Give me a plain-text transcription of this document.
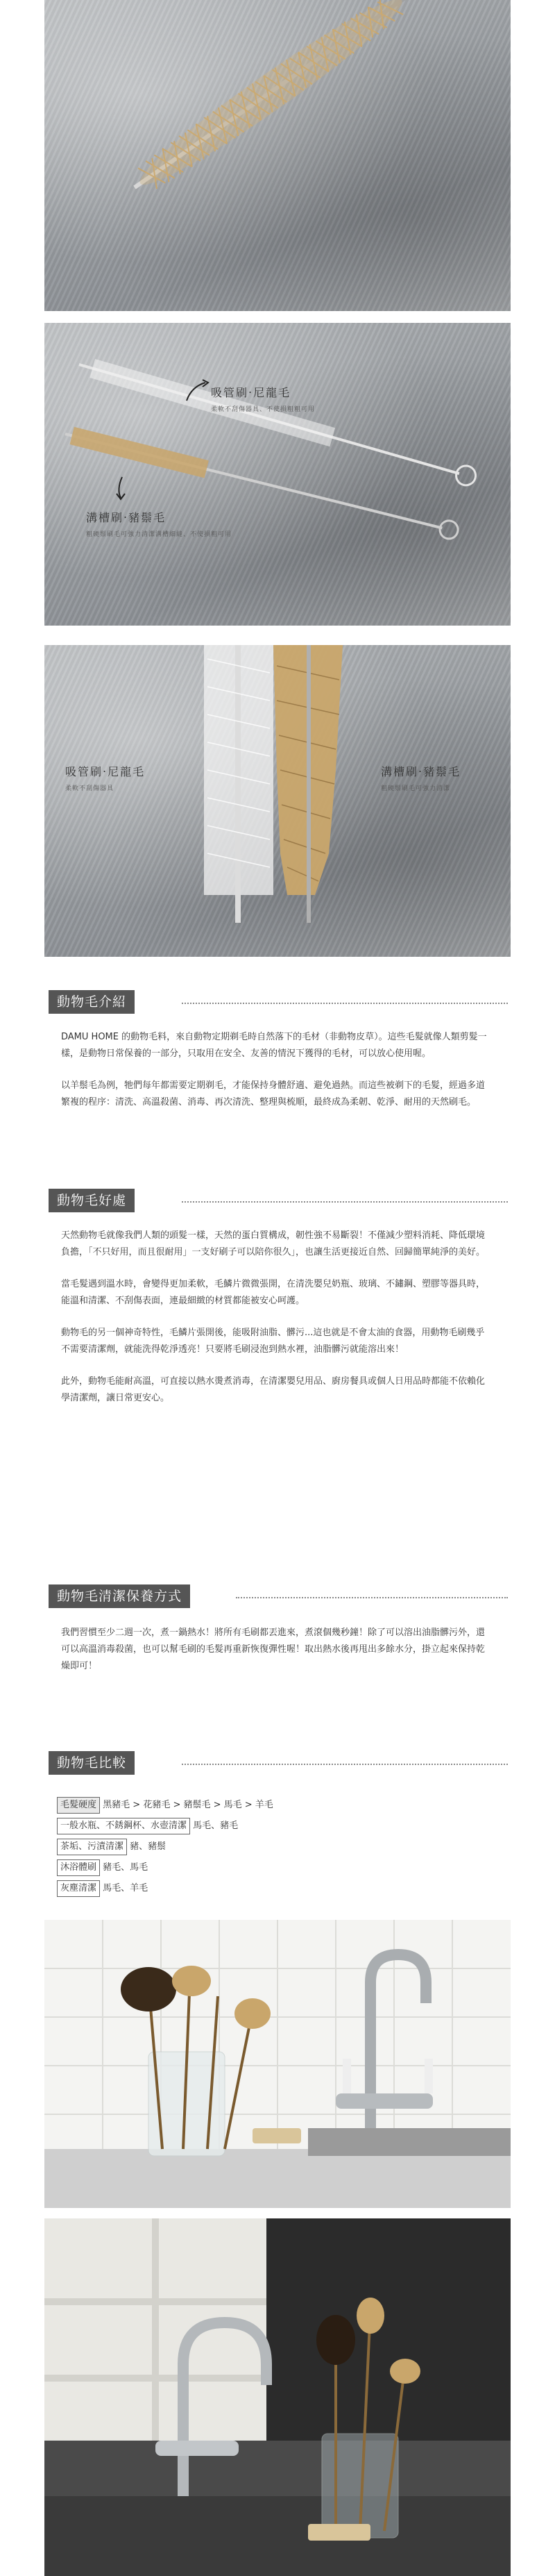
吸管刷‧尼龍毛
柔軟不刮傷器具、不使損粗粗可用
溝槽刷‧豬鬃毛
粗硬鬃刷毛可強力清潔溝槽細縫、不使損粗可用
吸管刷‧尼龍毛
柔軟不刮傷器具
溝槽刷‧豬鬃毛
粗硬鬃刷毛可強力清潔
動物毛介紹

DAMU HOME 的動物毛料，來自動物定期剃毛時自然落下的毛材（非動物皮草）。這些毛髮就像人類剪髮一樣，是動物日常保養的一部分，只取用在安全、友善的情況下獲得的毛材，可以放心使用喔。

以羊鬃毛為例，牠們每年都需要定期剃毛，才能保持身體舒適、避免過熱。而這些被剃下的毛髮，經過多道繁複的程序：清洗、高溫殺菌、消毒、再次清洗、整理與梳順，最終成為柔韌、乾淨、耐用的天然刷毛。

動物毛好處

天然動物毛就像我們人類的頭髮一樣，天然的蛋白質構成，韌性強不易斷裂！不僅減少塑料消耗、降低環境負擔，「不只好用，而且很耐用」一支好刷子可以陪你很久」，也讓生活更接近自然、回歸簡單純淨的美好。

當毛髮遇到溫水時，會變得更加柔軟，毛鱗片微微張開，在清洗嬰兒奶瓶、玻璃、不鏽鋼、塑膠等器具時，能溫和清潔、不刮傷表面，連最細緻的材質都能被安心呵護。

動物毛的另一個神奇特性，毛鱗片張開後，能吸附油脂、髒污...這也就是不會太油的食器，用動物毛刷幾乎不需要清潔劑，就能洗得乾淨透亮！只要將毛刷浸泡到熱水裡，油脂髒污就能溶出來！

此外，動物毛能耐高溫，可直接以熱水燙煮消毒，在清潔嬰兒用品、廚房餐具或個人日用品時都能不依賴化學清潔劑，讓日常更安心。

動物毛清潔保養方式

我們習慣至少二週一次，煮一鍋熱水！將所有毛刷都丟進來，煮滾個幾秒鐘！除了可以溶出油脂髒污外，還可以高溫消毒殺菌，也可以幫毛刷的毛髮再重新恢復彈性喔！取出熱水後再甩出多餘水分，掛立起來保持乾燥即可！

動物毛比較
毛髮硬度 黑豬毛 > 花豬毛 > 豬鬃毛 > 馬毛 > 羊毛
一般水瓶、不銹鋼杯、水壺清潔 馬毛、豬毛
茶垢、污漬清潔 豬、豬鬃
沐浴體刷 豬毛、馬毛
灰塵清潔 馬毛、羊毛
